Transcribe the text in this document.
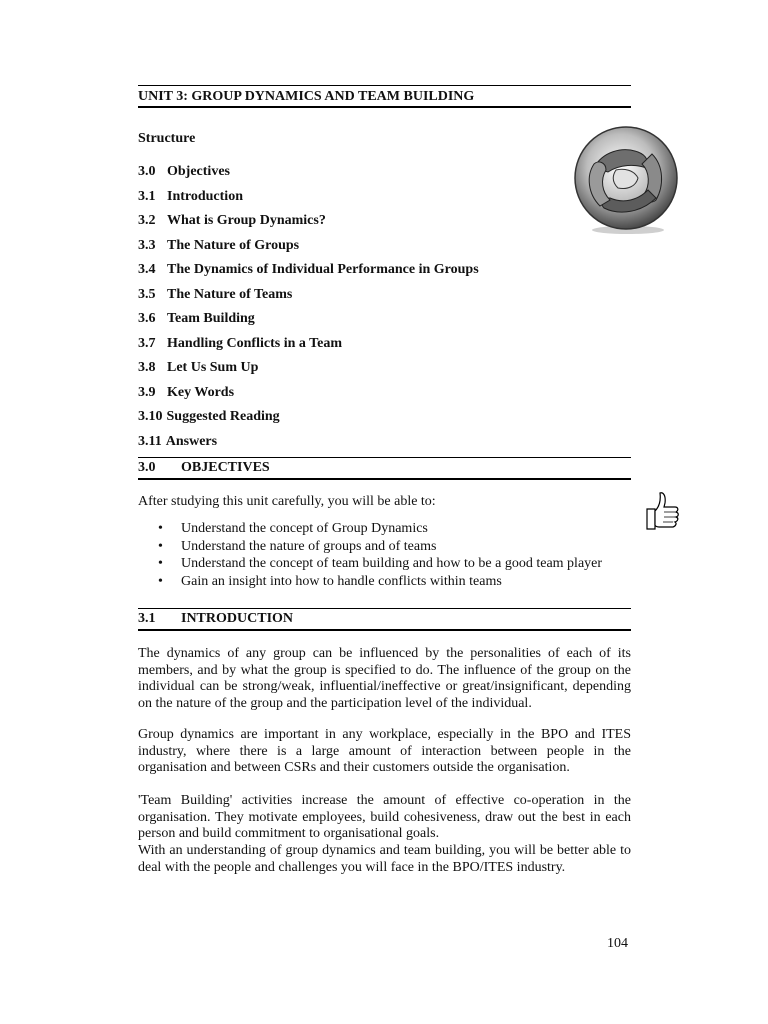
UNIT 3: GROUP DYNAMICS AND TEAM BUILDING
Structure
3.0 Objectives
3.1 Introduction
3.2 What is Group Dynamics?
3.3 The Nature of Groups
3.4 The Dynamics of Individual Performance in Groups
3.5 The Nature of Teams
3.6 Team Building
3.7 Handling Conflicts in a Team
3.8 Let Us Sum Up
3.9 Key Words
3.10 Suggested Reading
3.11 Answers
3.0 OBJECTIVES

After studying this unit carefully, you will be able to:

• Understand the concept of Group Dynamics
• Understand the nature of groups and of teams
• Understand the concept of team building and how to be a good team player
• Gain an insight into how to handle conflicts within teams
3.1 INTRODUCTION

The dynamics of any group can be influenced by the personalities of each of its members, and by what the group is specified to do. The influence of the group on the individual can be strong/weak, influential/ineffective or great/insignificant, depending on the nature of the group and the participation level of the individual.

Group dynamics are important in any workplace, especially in the BPO and ITES industry, where there is a large amount of interaction between people in the organisation and between CSRs and their customers outside the organisation.

'Team Building' activities increase the amount of effective co-operation in the organisation. They motivate employees, build cohesiveness, draw out the best in each person and build commitment to organisational goals.

With an understanding of group dynamics and team building, you will be better able to deal with the people and challenges you will face in the BPO/ITES industry.

104
